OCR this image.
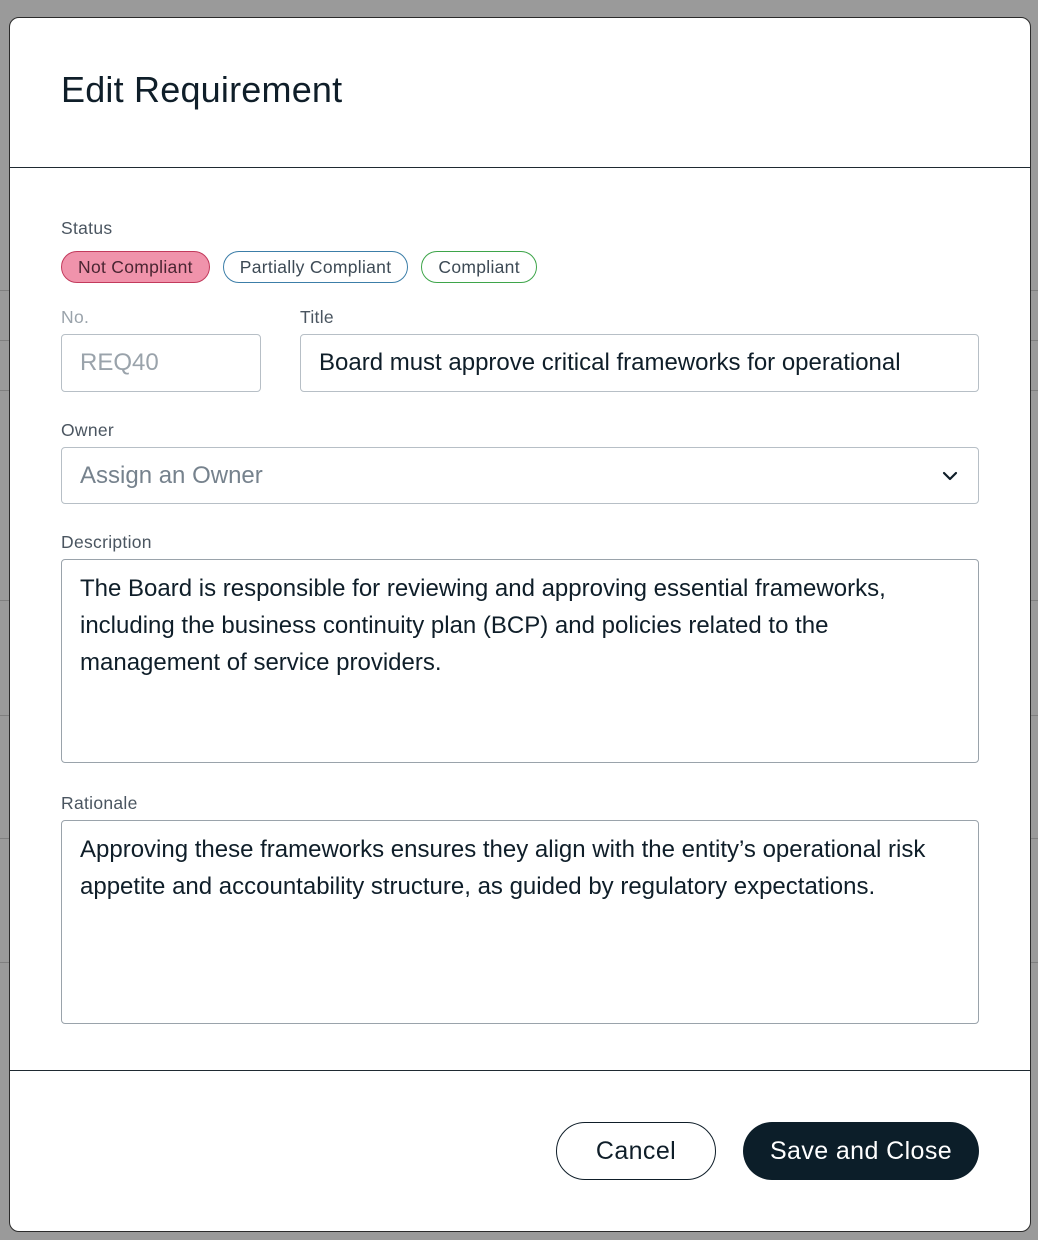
Edit Requirement
Status
Not Compliant	Partially Compliant	Compliant
No.
REQ40
Title
Board must approve critical frameworks for operational
Owner
Assign an Owner
Description
The Board is responsible for reviewing and approving essential frameworks, including the business continuity plan (BCP) and policies related to the management of service providers.
Rationale
Approving these frameworks ensures they align with the entity’s operational risk appetite and accountability structure, as guided by regulatory expectations.
Cancel	Save and Close
